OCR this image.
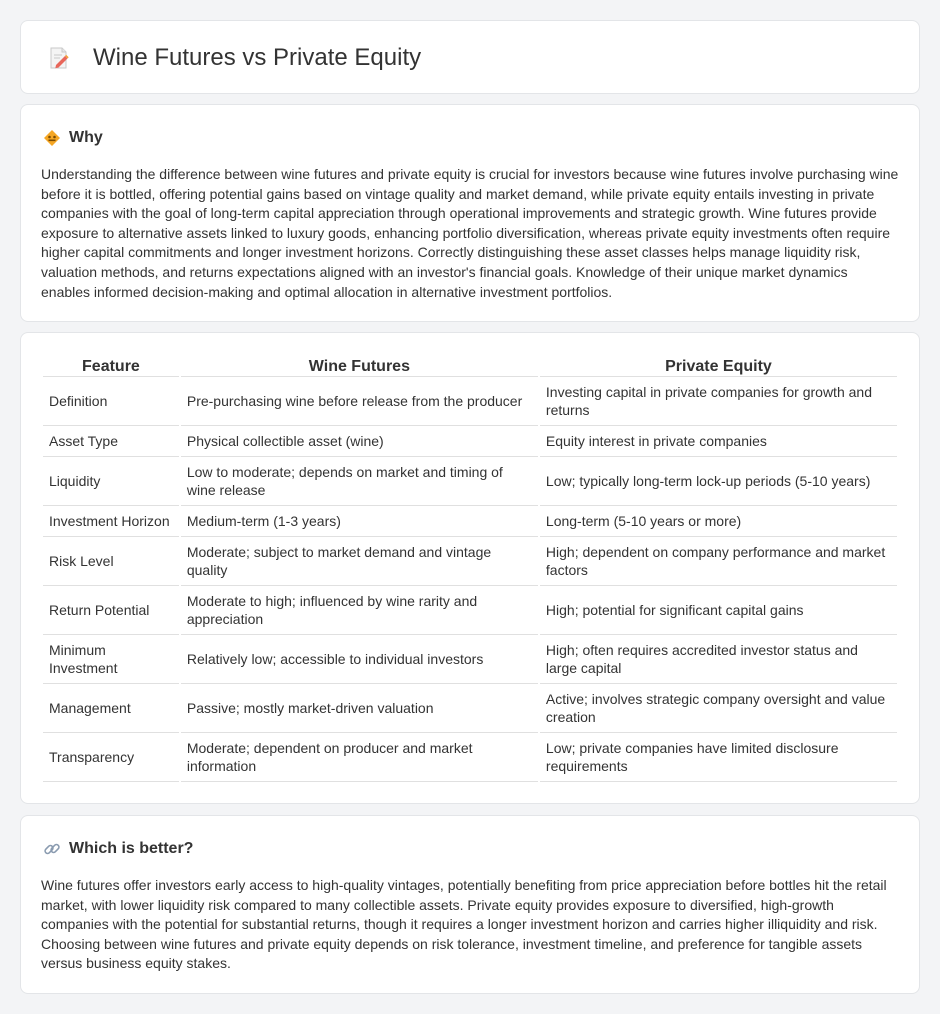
Wine Futures vs Private Equity
Why

Understanding the difference between wine futures and private equity is crucial for investors because wine futures involve purchasing wine before it is bottled, offering potential gains based on vintage quality and market demand, while private equity entails investing in private companies with the goal of long-term capital appreciation through operational improvements and strategic growth. Wine futures provide exposure to alternative assets linked to luxury goods, enhancing portfolio diversification, whereas private equity investments often require higher capital commitments and longer investment horizons. Correctly distinguishing these asset classes helps manage liquidity risk, valuation methods, and returns expectations aligned with an investor's financial goals. Knowledge of their unique market dynamics enables informed decision-making and optimal allocation in alternative investment portfolios.

Feature	Wine Futures	Private Equity
Definition	Pre-purchasing wine before release from the producer	Investing capital in private companies for growth and returns
Asset Type	Physical collectible asset (wine)	Equity interest in private companies
Liquidity	Low to moderate; depends on market and timing of wine release	Low; typically long-term lock-up periods (5-10 years)
Investment Horizon	Medium-term (1-3 years)	Long-term (5-10 years or more)
Risk Level	Moderate; subject to market demand and vintage quality	High; dependent on company performance and market factors
Return Potential	Moderate to high; influenced by wine rarity and appreciation	High; potential for significant capital gains
Minimum Investment	Relatively low; accessible to individual investors	High; often requires accredited investor status and large capital
Management	Passive; mostly market-driven valuation	Active; involves strategic company oversight and value creation
Transparency	Moderate; dependent on producer and market information	Low; private companies have limited disclosure requirements
Which is better?

Wine futures offer investors early access to high-quality vintages, potentially benefiting from price appreciation before bottles hit the retail market, with lower liquidity risk compared to many collectible assets. Private equity provides exposure to diversified, high-growth companies with the potential for substantial returns, though it requires a longer investment horizon and carries higher illiquidity and risk. Choosing between wine futures and private equity depends on risk tolerance, investment timeline, and preference for tangible assets versus business equity stakes.
